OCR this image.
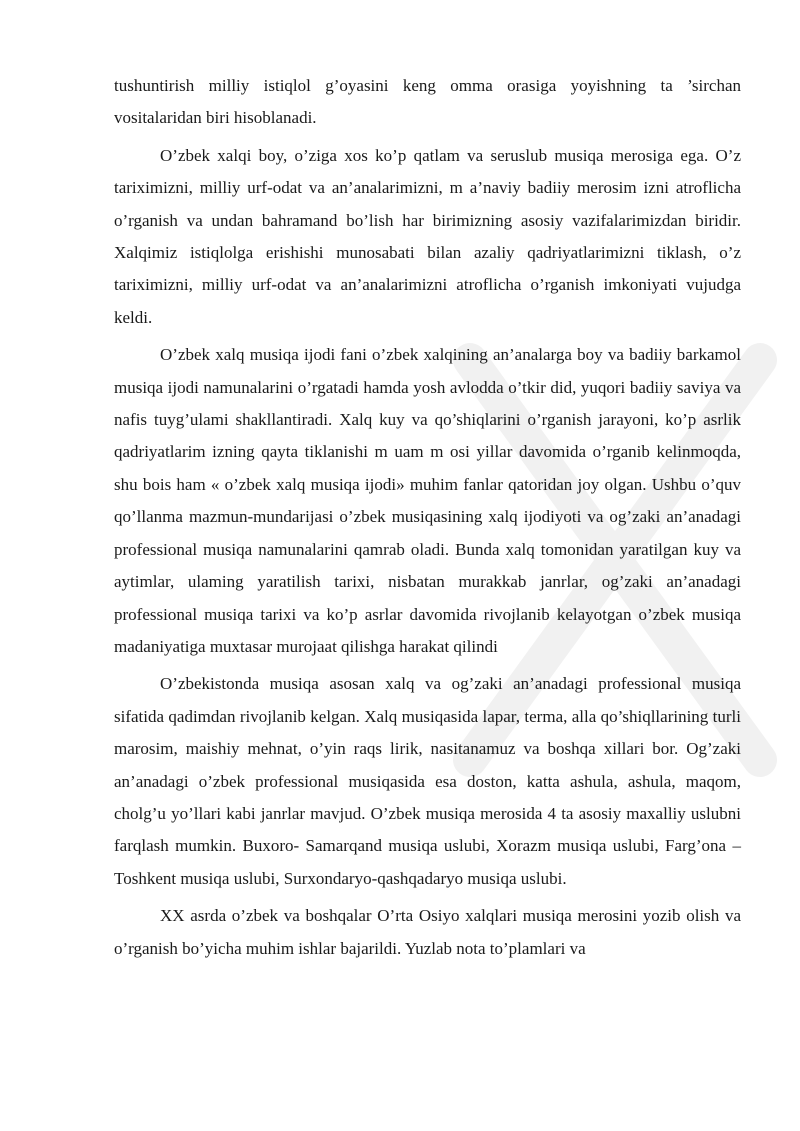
tushuntirish milliy istiqlol g’oyasini keng omma orasiga yoyishning ta ’sirchan vositalaridan biri hisoblanadi.

O’zbek xalqi boy, o’ziga xos ko’p qatlam va seruslub musiqa merosiga ega. O’z tariximizni, milliy urf-odat va an’analarimizni, m a’naviy badiiy merosim izni atroflicha o’rganish va undan bahramand bo’lish har birimizning asosiy vazifalarimizdan biridir. Xalqimiz istiqlolga erishishi munosabati bilan azaliy qadriyatlarimizni tiklash, o’z tariximizni, milliy urf-odat va an’analarimizni atroflicha o’rganish imkoniyati vujudga keldi.

O’zbek xalq musiqa ijodi fani o’zbek xalqining an’analarga boy va badiiy barkamol musiqa ijodi namunalarini o’rgatadi hamda yosh avlodda o’tkir did, yuqori badiiy saviya va nafis tuyg’ulami shakllantiradi. Xalq kuy va qo’shiqlarini o’rganish jarayoni, ko’p asrlik qadriyatlarim izning qayta tiklanishi m uam m osi yillar davomida o’rganib kelinmoqda, shu bois ham « o’zbek xalq musiqa ijodi» muhim fanlar qatoridan joy olgan. Ushbu o’quv qo’llanma mazmun-mundarijasi o’zbek musiqasining xalq ijodiyoti va og’zaki an’anadagi professional musiqa namunalarini qamrab oladi. Bunda xalq tomonidan yaratilgan kuy va aytimlar, ulaming yaratilish tarixi, nisbatan murakkab janrlar, og’zaki an’anadagi professional musiqa tarixi va ko’p asrlar davomida rivojlanib kelayotgan o’zbek musiqa madaniyatiga muxtasar murojaat qilishga harakat qilindi

O’zbekistonda musiqa asosan xalq va og’zaki an’anadagi professional musiqa sifatida qadimdan rivojlanib kelgan. Xalq musiqasida lapar, terma, alla qo’shiqllarining turli marosim, maishiy mehnat, o’yin raqs lirik, nasitanamuz va boshqa xillari bor. Og’zaki an’anadagi o’zbek professional musiqasida esa doston, katta ashula, ashula, maqom, cholg’u yo’llari kabi janrlar mavjud. O’zbek musiqa merosida 4 ta asosiy maxalliy uslubni farqlash mumkin. Buxoro- Samarqand musiqa uslubi, Xorazm musiqa uslubi, Farg’ona –Toshkent musiqa uslubi, Surxondaryo-qashqadaryo musiqa uslubi.

XX asrda o’zbek va boshqalar O’rta Osiyo xalqlari musiqa merosini yozib olish va o’rganish bo’yicha muhim ishlar bajarildi. Yuzlab nota to’plamlari va
